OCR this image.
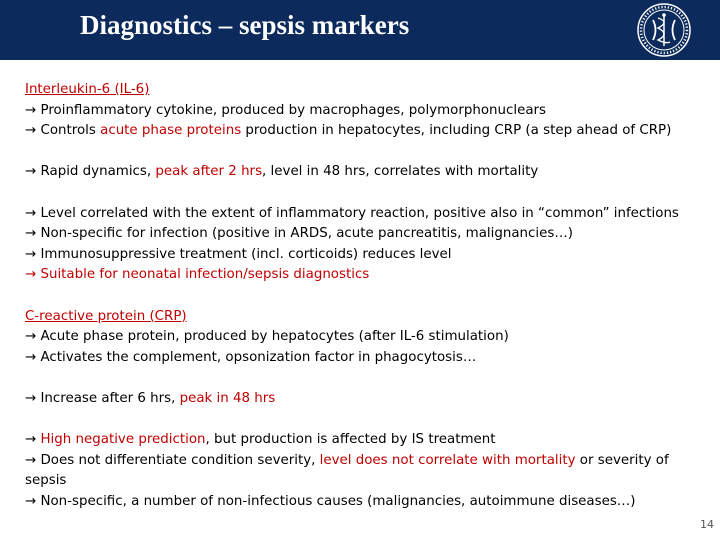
Diagnostics – sepsis markers
Interleukin-6 (IL-6)
→ Proinflammatory cytokine, produced by macrophages, polymorphonuclears
→ Controls acute phase proteins production in hepatocytes, including CRP (a step ahead of CRP)
→ Rapid dynamics, peak after 2 hrs, level in 48 hrs, correlates with mortality
→ Level correlated with the extent of inflammatory reaction, positive also in “common” infections
→ Non-specific for infection (positive in ARDS, acute pancreatitis, malignancies…)
→ Immunosuppressive treatment (incl. corticoids) reduces level
→ Suitable for neonatal infection/sepsis diagnostics
C-reactive protein (CRP)
→ Acute phase protein, produced by hepatocytes (after IL-6 stimulation)
→ Activates the complement, opsonization factor in phagocytosis…
→ Increase after 6 hrs, peak in 48 hrs
→ High negative prediction, but production is affected by IS treatment
→ Does not differentiate condition severity, level does not correlate with mortality or severity of sepsis
→ Non-specific, a number of non-infectious causes (malignancies, autoimmune diseases…)
14
